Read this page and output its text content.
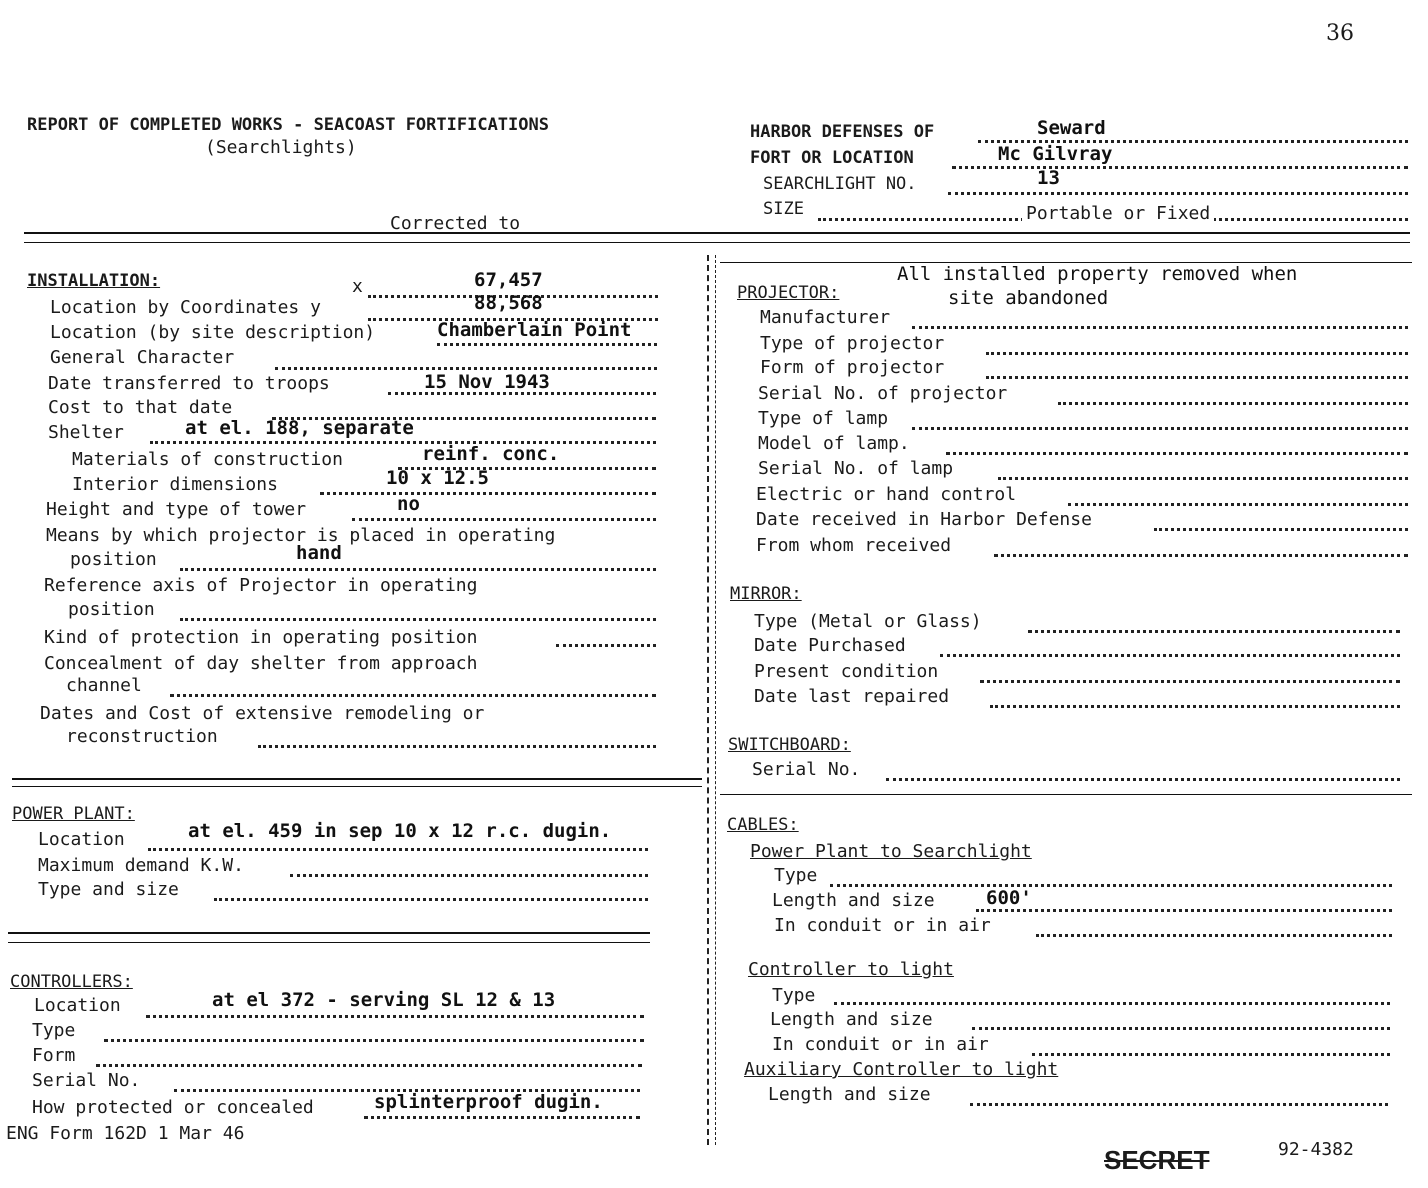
36
REPORT OF COMPLETED WORKS - SEACOAST FORTIFICATIONS
(Searchlights)
Corrected to
HARBOR DEFENSES OF	Seward
FORT OR LOCATION	Mc Gilvray
SEARCHLIGHT NO.	13
SIZE	Portable or Fixed
INSTALLATION:	x	67,457
Location by Coordinates y	88,568
Location (by site description)	Chamberlain Point
General Character
Date transferred to troops	15 Nov 1943
Cost to that date
Shelter	at el. 188, separate
Materials of construction	reinf. conc.
Interior dimensions	10 x 12.5
Height and type of tower	no
Means by which projector is placed in operating
position	hand
Reference axis of Projector in operating
position
Kind of protection in operating position
Concealment of day shelter from approach
channel
Dates and Cost of extensive remodeling or
reconstruction
All installed property removed when
site abandoned
PROJECTOR:
Manufacturer
Type of projector
Form of projector
Serial No. of projector
Type of lamp
Model of lamp.
Serial No. of lamp
Electric or hand control
Date received in Harbor Defense
From whom received
MIRROR:
Type (Metal or Glass)
Date Purchased
Present condition
Date last repaired
SWITCHBOARD:
Serial No.
POWER PLANT:
Location	at el. 459 in sep 10 x 12 r.c. dugin.
Maximum demand K.W.
Type and size
CABLES:
Power Plant to Searchlight
Type
Length and size	600'
In conduit or in air
Controller to light
Type
Length and size
In conduit or in air
Auxiliary Controller to light
Length and size
CONTROLLERS:
Location	at el 372 - serving SL 12 & 13
Type
Form
Serial No.
How protected or concealed	splinterproof dugin.
ENG Form 162D 1 Mar 46
SECRET	92-4382
